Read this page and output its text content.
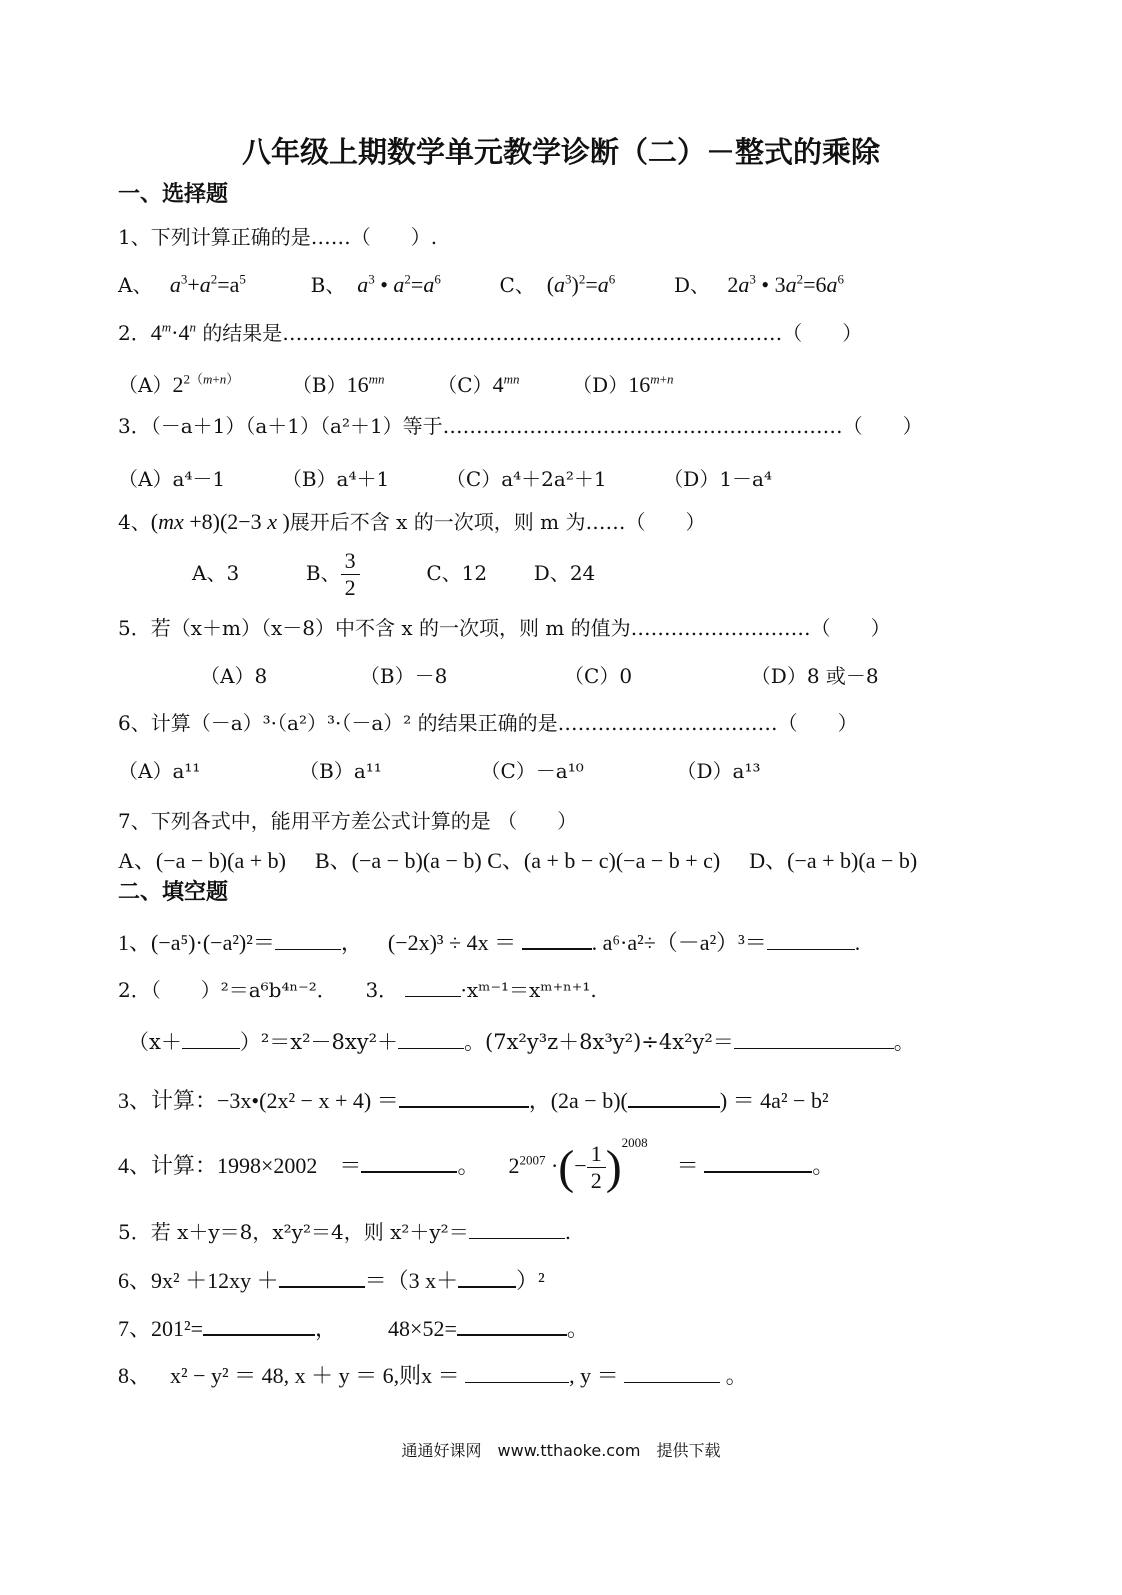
八年级上期数学单元教学诊断（二）－整式的乘除
一、选择题
1、下列计算正确的是……（　　）.
A、 $a^3+a^2=a^5$	B、 $a^3$ • $a^2=a^6$	C、  $(a^3)^2=a^6$	D、   $2a^3$ • $3a^2=6a^6$
2．$4^m\cdot 4^n$ 的结果是…………………………………………………………………（　　）
$(A)2^{2(m+n)}$	$(B)16^{mn}$	$(C)4^{mn}$	$(D)16^{m+n}$
3．（－a＋1）（a＋1）（a²＋1）等于……………………………………………………（　　）
（A）a⁴－1	（B）a⁴＋1	（C）a⁴＋2a²＋1	（D）1－a⁴
4、(mx +8)(2−3 x )展开后不含 x 的一次项，则 m 为……（　　）
A、3	B、 $\frac{3}{2}$	C、12 D、24
5．若（x＋m）（x－8）中不含 x 的一次项，则 m 的值为………………………（　　）
（A）8	（B）－8	（C）0	（D）8 或－8
6、计算（－a）³·（a²）³·（－a）² 的结果正确的是……………………………（　　）
（A）a¹¹	（B）a¹¹	（C）－a¹⁰	（D）a¹³
7、下列各式中，能用平方差公式计算的是 （　　）
A、(−a − b)(a + b) B、(−a − b)(a − b) C、(a + b − c)(−a − b + c) D、(−a + b)(a − b)
二、填空题
1、(−a⁵)·(−a²)²＝	，  (−2x)³ ÷ 4x ＝	. a⁶·a²÷（－a²）³＝	.
2．（　　）²＝a⁶b⁴ⁿ⁻²． 3．	·xᵐ⁻¹＝xᵐ⁺ⁿ⁺¹.
（x＋	）²＝x²－8xy²＋	。(7x²y³z＋8x³y²)÷4x²y²＝	。
3、计算：−3x•(2x² − x + 4) ＝	，(2a − b)(	) ＝ 4a² − b²
4、计算：1998×2002　＝	。 $2^{2007}$ ·(− $\frac{1}{2} )^{2008}$  ＝	。
5．若 x＋y＝8，x²y²＝4，则 x²＋y²＝	.
6、9x² ＋12xy ＋	＝（3 x＋	）²
7、201²=	， 48×52=	。
8、 x² − y² ＝ 48, x ＋ y ＝ 6,则x ＝	, y ＝	。
通通好课网　www.tthaoke.com　提供下载
